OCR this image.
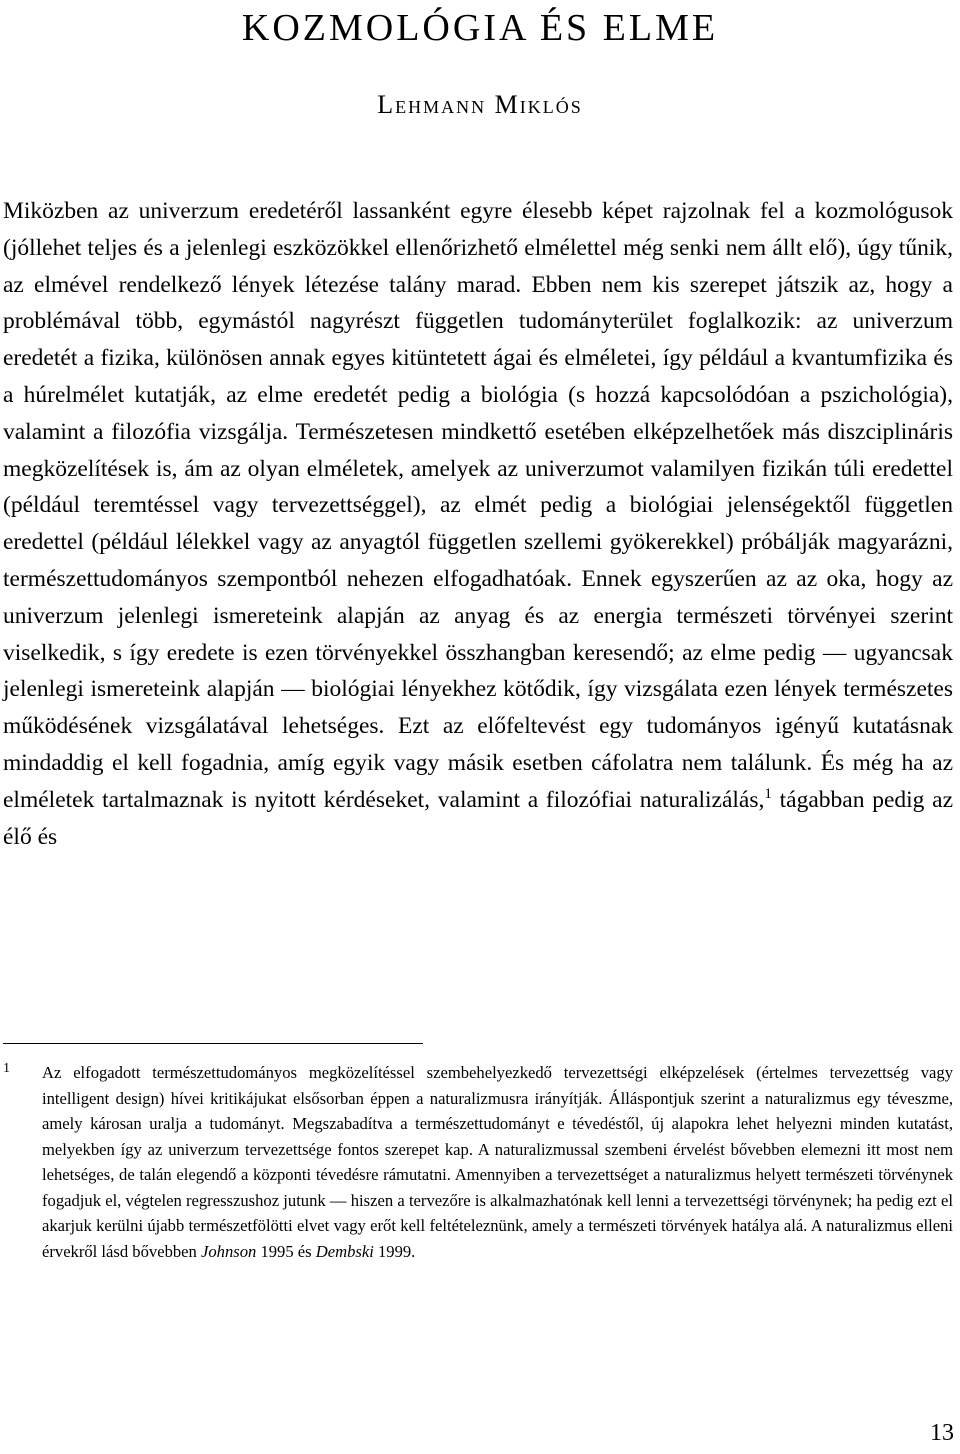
KOZMOLÓGIA ÉS ELME
Lehmann Miklós

Miközben az univerzum eredetéről lassanként egyre élesebb képet rajzolnak fel a kozmológusok (jóllehet teljes és a jelenlegi eszközökkel ellenőrizhető elmélettel még senki nem állt elő), úgy tűnik, az elmével rendelkező lények létezése talány marad. Ebben nem kis szerepet játszik az, hogy a problémával több, egymástól nagyrészt független tudományterület foglalkozik: az univerzum eredetét a fizika, különösen annak egyes kitüntetett ágai és elméletei, így például a kvantumfizika és a húrelmélet kutatják, az elme eredetét pedig a biológia (s hozzá kapcsolódóan a pszichológia), valamint a filozófia vizsgálja. Természetesen mindkettő esetében elképzelhetőek más diszciplináris megközelítések is, ám az olyan elméletek, amelyek az univerzumot valamilyen fizikán túli eredettel (például teremtéssel vagy tervezettséggel), az elmét pedig a biológiai jelenségektől független eredettel (például lélekkel vagy az anyagtól független szellemi gyökerekkel) próbálják magyarázni, természettudományos szempontból nehezen elfogadhatóak. Ennek egyszerűen az az oka, hogy az univerzum jelenlegi ismereteink alapján az anyag és az energia természeti törvényei szerint viselkedik, s így eredete is ezen törvényekkel összhangban keresendő; az elme pedig — ugyancsak jelenlegi ismereteink alapján — biológiai lényekhez kötődik, így vizsgálata ezen lények természetes működésének vizsgálatával lehetséges. Ezt az előfeltevést egy tudományos igényű kutatásnak mindaddig el kell fogadnia, amíg egyik vagy másik esetben cáfolatra nem találunk. És még ha az elméletek tartalmaznak is nyitott kérdéseket, valamint a filozófiai naturalizálás,$^1$ tágabban pedig az élő és

1 Az elfogadott természettudományos megközelítéssel szembehelyezkedő tervezettségi elképzelések (értelmes tervezettség vagy intelligent design) hívei kritikájukat elsősorban éppen a naturalizmusra irányítják. Álláspontjuk szerint a naturalizmus egy téveszme, amely károsan uralja a tudományt. Megszabadítva a természettudományt e tévedéstől, új alapokra lehet helyezni minden kutatást, melyekben így az univerzum tervezettsége fontos szerepet kap. A naturalizmussal szembeni érvelést bővebben elemezni itt most nem lehetséges, de talán elegendő a központi tévedésre rámutatni. Amennyiben a tervezettséget a naturalizmus helyett természeti törvénynek fogadjuk el, végtelen regresszushoz jutunk — hiszen a tervezőre is alkalmazhatónak kell lenni a tervezettségi törvénynek; ha pedig ezt el akarjuk kerülni újabb természetfölötti elvet vagy erőt kell feltételeznünk, amely a természeti törvények hatálya alá. A naturalizmus elleni érvekről lásd bővebben Johnson 1995 és Dembski 1999.

13
